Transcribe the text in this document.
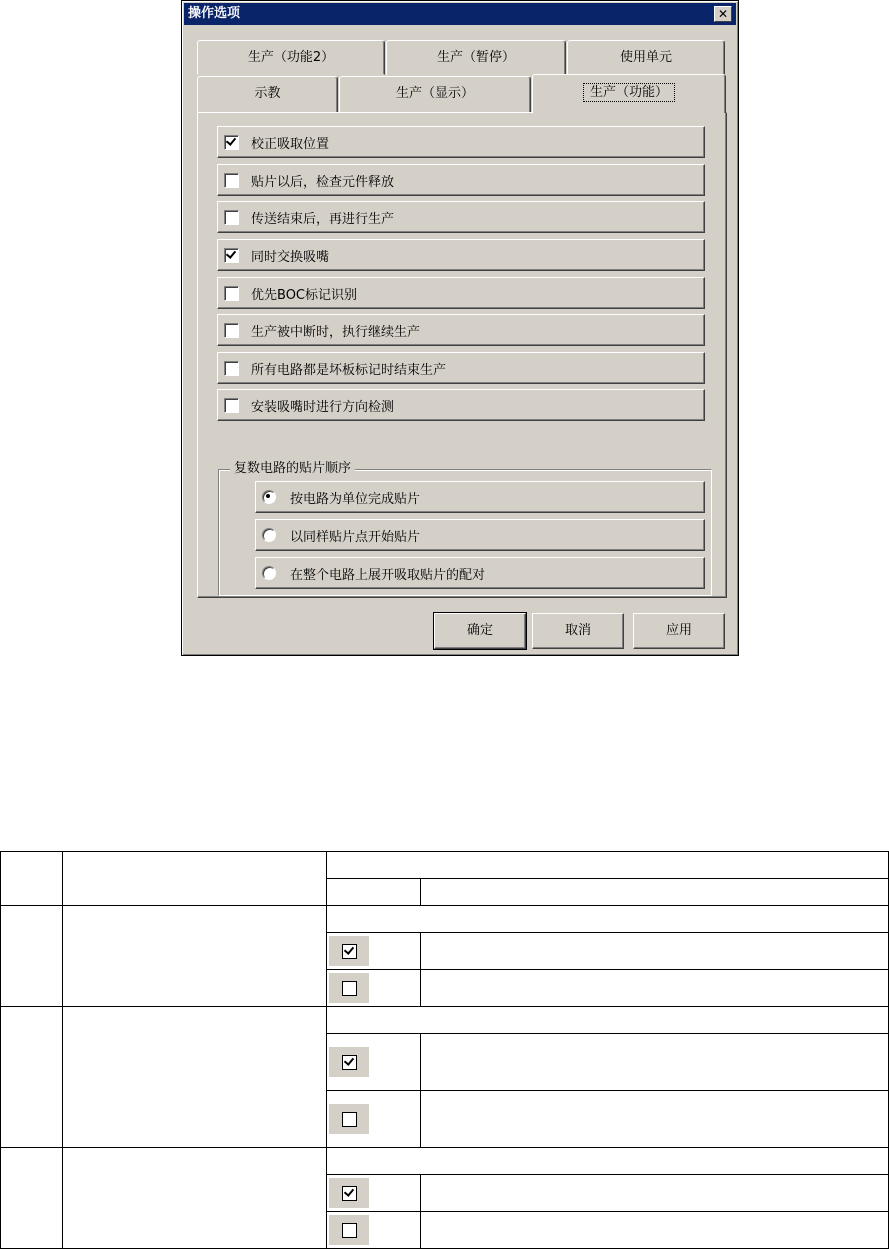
操作选项	✕
生产（功能2）	生产（暂停）	使用单元
示教	生产（显示）	生产（功能）
校正吸取位置
贴片以后，检查元件释放
传送结束后，再进行生产
同时交换吸嘴
优先BOC标记识别
生产被中断时，执行继续生产
所有电路都是坏板标记时结束生产
安装吸嘴时进行方向检测
复数电路的贴片顺序
按电路为单位完成贴片
以同样贴片点开始贴片
在整个电路上展开吸取贴片的配对
确定	取消	应用
